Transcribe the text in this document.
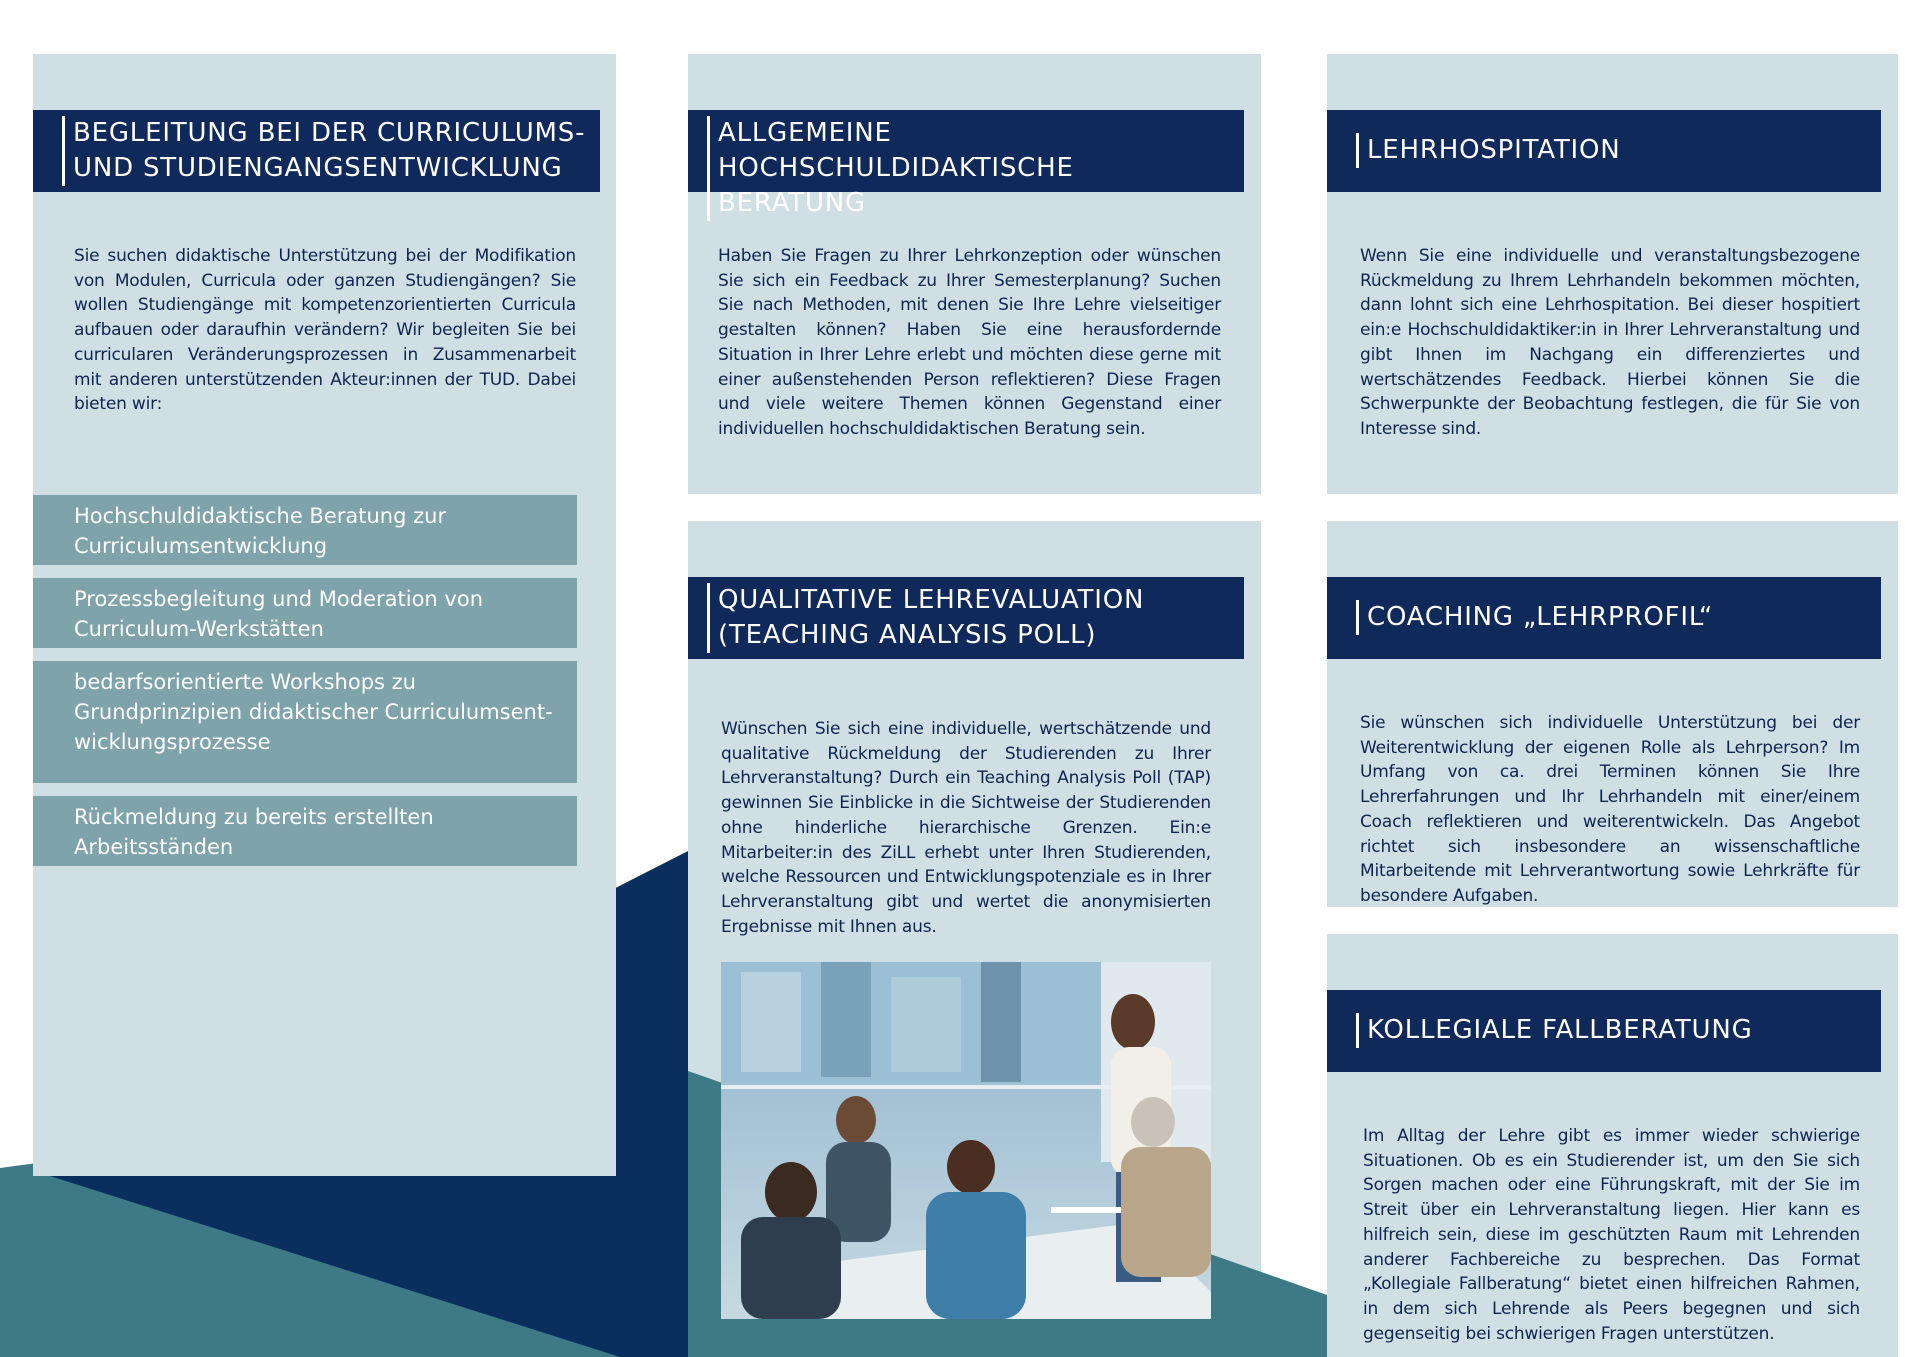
BEGLEITUNG BEI DER CURRICULUMS-
UND STUDIENGANGSENTWICKLUNG
Sie suchen didaktische Unterstützung bei der Modifikation von Modulen, Curricula oder ganzen Studiengängen? Sie wollen Studiengänge mit kompetenzorientierten Curricula aufbauen oder daraufhin verändern? Wir begleiten Sie bei curricularen Veränderungsprozessen in Zusammenarbeit mit anderen unterstützenden Akteur:innen der TUD. Dabei bieten wir:
Hochschuldidaktische Beratung zur
Curriculumsentwicklung
Prozessbegleitung und Moderation von
Curriculum-Werkstätten
bedarfsorientierte Workshops zu
Grundprinzipien didaktischer Curriculumsent-
wicklungsprozesse
Rückmeldung zu bereits erstellten
Arbeitsständen
ALLGEMEINE HOCHSCHULDIDAKTISCHE
BERATUNG
Haben Sie Fragen zu Ihrer Lehrkonzeption oder wünschen Sie sich ein Feedback zu Ihrer Semesterplanung? Suchen Sie nach Methoden, mit denen Sie Ihre Lehre vielseitiger gestalten können? Haben Sie eine herausfordernde Situation in Ihrer Lehre erlebt und möchten diese gerne mit einer außenstehenden Person reflektieren? Diese Fragen und viele weitere Themen können Gegenstand einer individuellen hochschuldidaktischen Beratung sein.
QUALITATIVE LEHREVALUATION
(TEACHING ANALYSIS POLL)
Wünschen Sie sich eine individuelle, wertschätzende und qualitative Rückmeldung der Studierenden zu Ihrer Lehrveranstaltung? Durch ein Teaching Analysis Poll (TAP) gewinnen Sie Einblicke in die Sichtweise der Studierenden ohne hinderliche hierarchische Grenzen. Ein:e Mitarbeiter:in des ZiLL erhebt unter Ihren Studierenden, welche Ressourcen und Entwicklungspotenziale es in Ihrer Lehrveranstaltung gibt und wertet die anonymisierten Ergebnisse mit Ihnen aus.
LEHRHOSPITATION
Wenn Sie eine individuelle und veranstaltungsbezogene Rückmeldung zu Ihrem Lehrhandeln bekommen möchten, dann lohnt sich eine Lehrhospitation. Bei dieser hospitiert ein:e Hochschuldidaktiker:in in Ihrer Lehrveranstaltung und gibt Ihnen im Nachgang ein differenziertes und wertschätzendes Feedback. Hierbei können Sie die Schwerpunkte der Beobachtung festlegen, die für Sie von Interesse sind.
COACHING „LEHRPROFIL“
Sie wünschen sich individuelle Unterstützung bei der Weiterentwicklung der eigenen Rolle als Lehrperson? Im Umfang von ca. drei Terminen können Sie Ihre Lehrerfahrungen und Ihr Lehrhandeln mit einer/einem Coach reflektieren und weiterentwickeln. Das Angebot richtet sich insbesondere an wissenschaftliche Mitarbeitende mit Lehrverantwortung sowie Lehrkräfte für besondere Aufgaben.
KOLLEGIALE FALLBERATUNG
Im Alltag der Lehre gibt es immer wieder schwierige Situationen. Ob es ein Studierender ist, um den Sie sich Sorgen machen oder eine Führungskraft, mit der Sie im Streit über ein Lehrveranstaltung liegen. Hier kann es hilfreich sein, diese im geschützten Raum mit Lehrenden anderer Fachbereiche zu besprechen. Das Format „Kollegiale Fallberatung“ bietet einen hilfreichen Rahmen, in dem sich Lehrende als Peers begegnen und sich gegenseitig bei schwierigen Fragen unterstützen.
